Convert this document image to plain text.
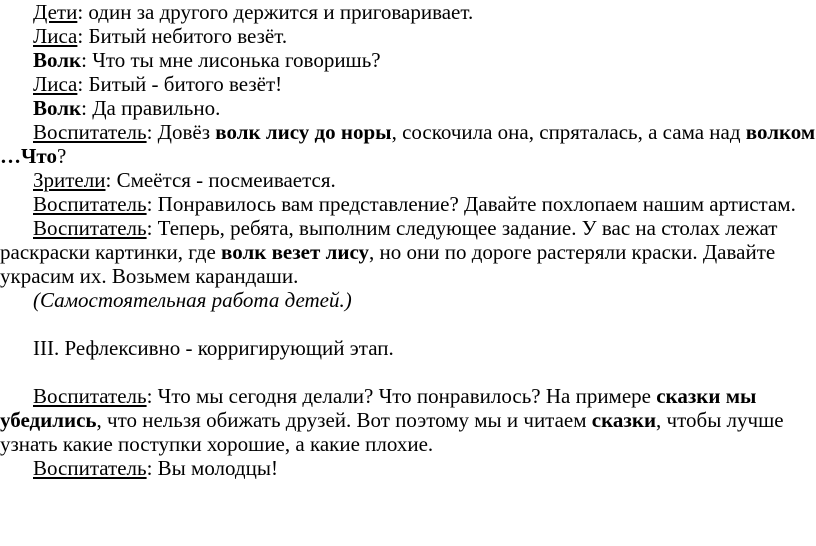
Дети: один за другого держится и приговаривает.
Лиса: Битый небитого везёт.
Волк: Что ты мне лисонька говоришь?
Лиса: Битый - битого везёт!
Волк: Да правильно.
Воспитатель: Довёз волк лису до норы, соскочила она, спряталась, а сама над волком
…Что?
Зрители: Смеётся - посмеивается.
Воспитатель: Понравилось вам представление? Давайте похлопаем нашим артистам.
Воспитатель: Теперь, ребята, выполним следующее задание. У вас на столах лежат
раскраски картинки, где волк везет лису, но они по дороге растеряли краски. Давайте
украсим их. Возьмем карандаши.
(Самостоятельная работа детей.)
III. Рефлексивно - корригирующий этап.
Воспитатель: Что мы сегодня делали? Что понравилось? На примере сказки мы
убедились, что нельзя обижать друзей. Вот поэтому мы и читаем сказки, чтобы лучше
узнать какие поступки хорошие, а какие плохие.
Воспитатель: Вы молодцы!
